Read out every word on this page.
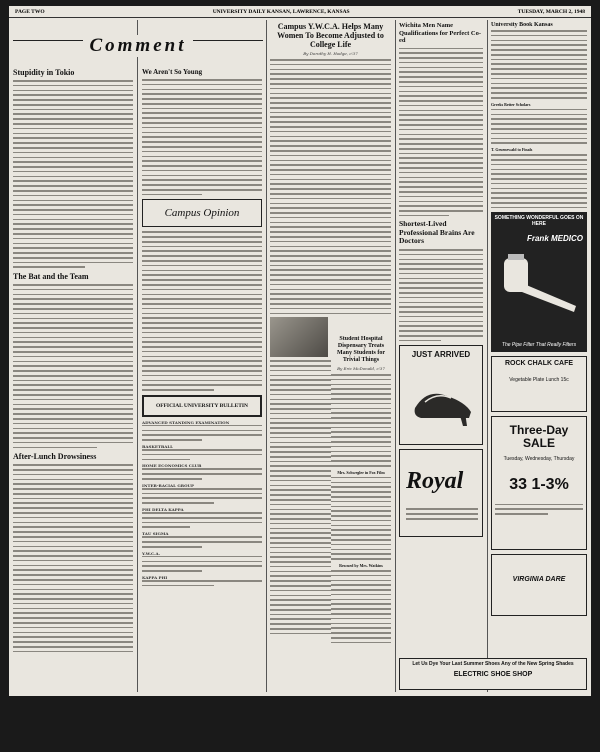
PAGE TWO	UNIVERSITY DAILY KANSAN, LAWRENCE, KANSAS	TUESDAY, MARCH 2, 1948
Comment
Stupidity in Tokio
The Bat and the Team
After-Lunch Drowsiness
We Aren't So Young
Campus Opinion
OFFICIAL UNIVERSITY BULLETIN
ADVANCED STANDING EXAMINATION
BASKETBALL
HOME ECONOMICS CLUB
INTER-RACIAL GROUP
PHI DELTA KAPPA
TAU SIGMA
Y.W.C.A.
KAPPA PHI
Campus Y.W.C.A. Helps Many Women To Become Adjusted to College Life
By Dorothy H. Hodge, c'37
Student Hospital Dispensary Treats Many Students for Trivial Things
By Eric McDonald, c'37
Mrs. Schwegler in Fox Film
Rescued by Mrs. Watkins
Wichita Men Name Qualifications for Perfect Co-ed
Shortest-Lived Professional Brains Are Doctors
JUST ARRIVED
Royal
University Book Kansas
Greeks Better Scholars
T. Gruenewald to Finals
SOMETHING WONDERFUL GOES ON HERE
Frank MEDICO
The Pipe Filter That Really Filters
ROCK CHALK CAFE
Vegetable Plate Lunch 15c
Three-Day SALE
Tuesday, Wednesday, Thursday
33 1-3%
VIRGINIA DARE
Let Us Dye Your Last Summer Shoes Any of the New Spring Shades
ELECTRIC SHOE SHOP
